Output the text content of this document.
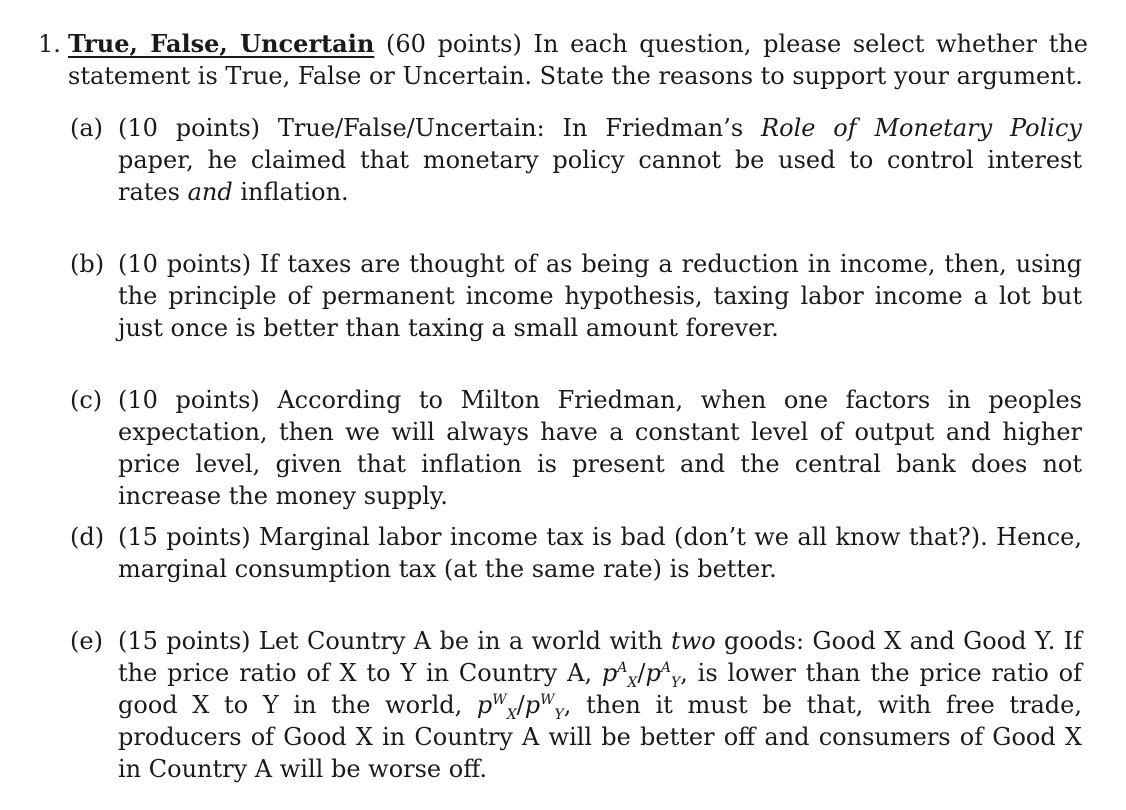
1. True, False, Uncertain (60 points) In each question, please select whether the statement is True, False or Uncertain. State the reasons to support your argument.
(a) (10 points) True/False/Uncertain: In Friedman’s Role of Monetary Policy paper, he claimed that monetary policy cannot be used to control interest rates and inflation.
(b) (10 points) If taxes are thought of as being a reduction in income, then, using the principle of permanent income hypothesis, taxing labor income a lot but just once is better than taxing a small amount forever.
(c) (10 points) According to Milton Friedman, when one factors in peoples expectation, then we will always have a constant level of output and higher price level, given that inflation is present and the central bank does not increase the money supply.
(d) (15 points) Marginal labor income tax is bad (don’t we all know that?). Hence, marginal consumption tax (at the same rate) is better.
(e) (15 points) Let Country A be in a world with two goods: Good X and Good Y. If the price ratio of X to Y in Country A, $p^A_X/p^A_Y$, is lower than the price ratio of good X to Y in the world, $p^W_X/p^W_Y$, then it must be that, with free trade, producers of Good X in Country A will be better off and consumers of Good X in Country A will be worse off.
